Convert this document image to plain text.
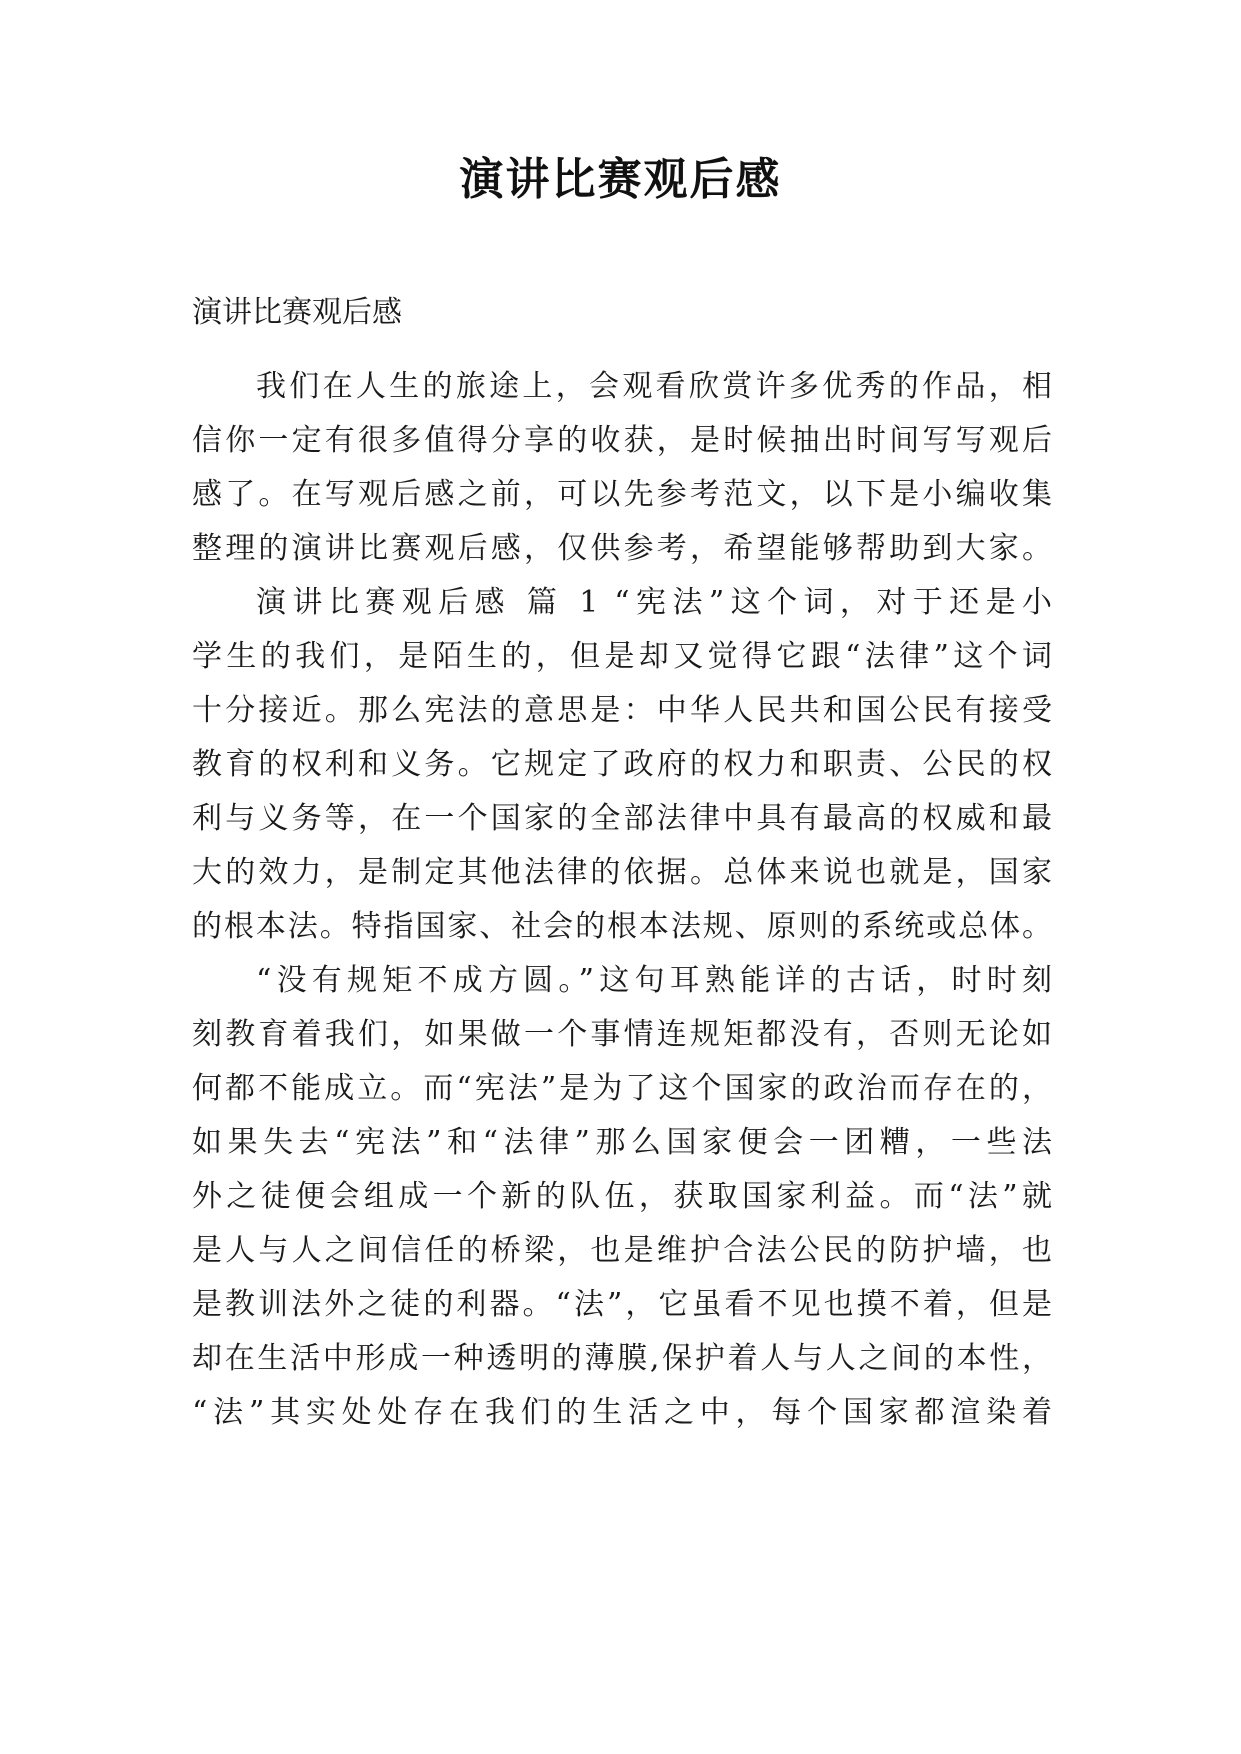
演讲比赛观后感
演讲比赛观后感
我们在人生的旅途上，会观看欣赏许多优秀的作品，相
信你一定有很多值得分享的收获，是时候抽出时间写写观后
感了。在写观后感之前，可以先参考范文，以下是小编收集
整理的演讲比赛观后感，仅供参考，希望能够帮助到大家。
演讲比赛观后感 篇 1 “宪法”这个词，对于还是小
学生的我们，是陌生的，但是却又觉得它跟“法律”这个词
十分接近。那么宪法的意思是：中华人民共和国公民有接受
教育的权利和义务。它规定了政府的权力和职责、公民的权
利与义务等，在一个国家的全部法律中具有最高的权威和最
大的效力，是制定其他法律的依据。总体来说也就是，国家
的根本法。特指国家、社会的根本法规、原则的系统或总体。
“没有规矩不成方圆。”这句耳熟能详的古话，时时刻
刻教育着我们，如果做一个事情连规矩都没有，否则无论如
何都不能成立。而“宪法”是为了这个国家的政治而存在的，
如果失去“宪法”和“法律”那么国家便会一团糟，一些法
外之徒便会组成一个新的队伍，获取国家利益。而“法”就
是人与人之间信任的桥梁，也是维护合法公民的防护墙，也
是教训法外之徒的利器。“法”，它虽看不见也摸不着，但是
却在生活中形成一种透明的薄膜,保护着人与人之间的本性，
“法”其实处处存在我们的生活之中，每个国家都渲染着
